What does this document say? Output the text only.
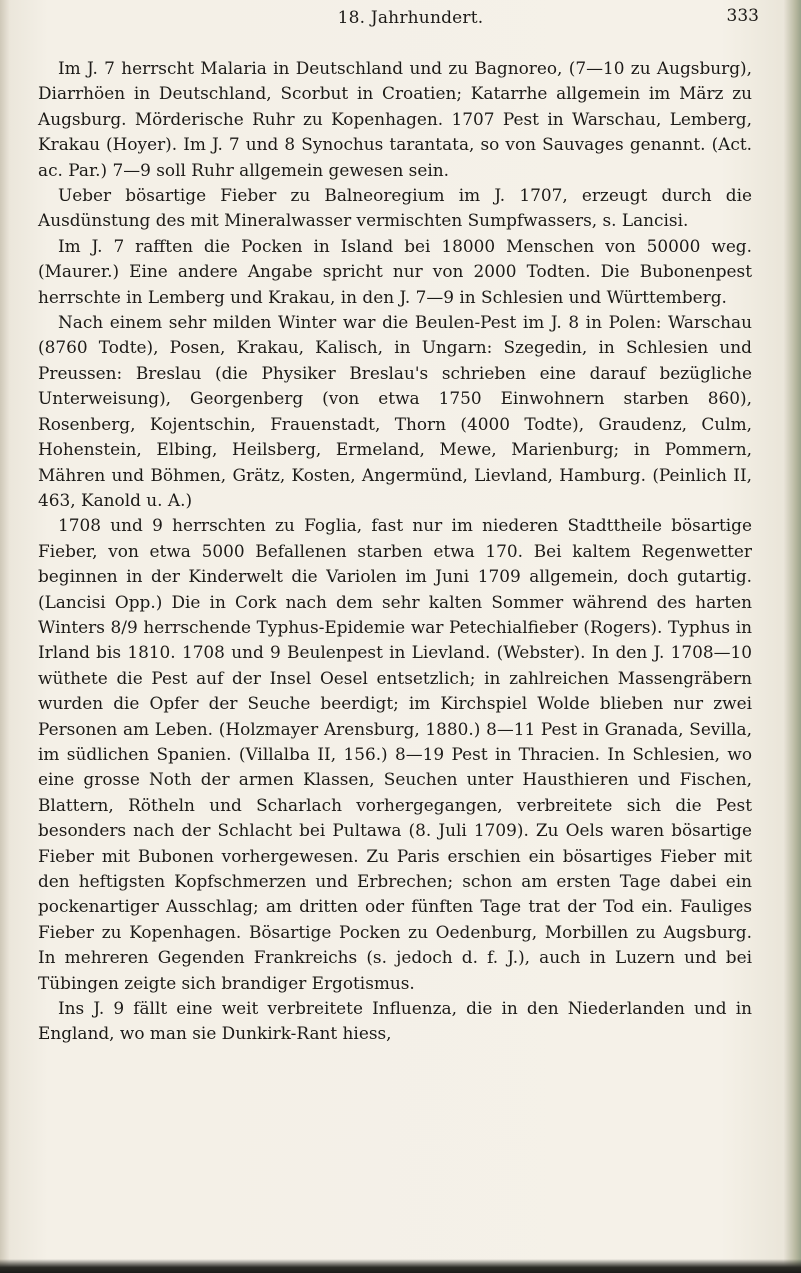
18. Jahrhundert.	333

Im J. 7 herrscht Malaria in Deutschland und zu Bagnoreo, (7—10 zu Augsburg), Diarrhöen in Deutschland, Scorbut in Croatien; Katarrhe allgemein im März zu Augsburg. Mörderische Ruhr zu Kopenhagen. 1707 Pest in Warschau, Lemberg, Krakau (Hoyer). Im J. 7 und 8 Synochus tarantata, so von Sauvages genannt. (Act. ac. Par.) 7—9 soll Ruhr allgemein gewesen sein.

Ueber bösartige Fieber zu Balneoregium im J. 1707, erzeugt durch die Ausdünstung des mit Mineralwasser vermischten Sumpfwassers, s. Lancisi.

Im J. 7 rafften die Pocken in Island bei 18000 Menschen von 50000 weg. (Maurer.) Eine andere Angabe spricht nur von 2000 Todten. Die Bubonenpest herrschte in Lemberg und Krakau, in den J. 7—9 in Schlesien und Württemberg.

Nach einem sehr milden Winter war die Beulen-Pest im J. 8 in Polen: Warschau (8760 Todte), Posen, Krakau, Kalisch, in Ungarn: Szegedin, in Schlesien und Preussen: Breslau (die Physiker Breslau's schrieben eine darauf bezügliche Unterweisung), Georgenberg (von etwa 1750 Einwohnern starben 860), Rosenberg, Kojentschin, Frauenstadt, Thorn (4000 Todte), Graudenz, Culm, Hohenstein, Elbing, Heilsberg, Ermeland, Mewe, Marienburg; in Pommern, Mähren und Böhmen, Grätz, Kosten, Angermünd, Lievland, Hamburg. (Peinlich II, 463, Kanold u. A.)

1708 und 9 herrschten zu Foglia, fast nur im niederen Stadttheile bösartige Fieber, von etwa 5000 Befallenen starben etwa 170. Bei kaltem Regenwetter beginnen in der Kinderwelt die Variolen im Juni 1709 allgemein, doch gutartig. (Lancisi Opp.) Die in Cork nach dem sehr kalten Sommer während des harten Winters 8/9 herrschende Typhus-Epidemie war Petechialfieber (Rogers). Typhus in Irland bis 1810. 1708 und 9 Beulenpest in Lievland. (Webster). In den J. 1708—10 wüthete die Pest auf der Insel Oesel entsetzlich; in zahlreichen Massengräbern wurden die Opfer der Seuche beerdigt; im Kirchspiel Wolde blieben nur zwei Personen am Leben. (Holzmayer Arensburg, 1880.) 8—11 Pest in Granada, Sevilla, im südlichen Spanien. (Villalba II, 156.) 8—19 Pest in Thracien. In Schlesien, wo eine grosse Noth der armen Klassen, Seuchen unter Hausthieren und Fischen, Blattern, Rötheln und Scharlach vorhergegangen, verbreitete sich die Pest besonders nach der Schlacht bei Pultawa (8. Juli 1709). Zu Oels waren bösartige Fieber mit Bubonen vorhergewesen. Zu Paris erschien ein bösartiges Fieber mit den heftigsten Kopfschmerzen und Erbrechen; schon am ersten Tage dabei ein pockenartiger Ausschlag; am dritten oder fünften Tage trat der Tod ein. Fauliges Fieber zu Kopenhagen. Bösartige Pocken zu Oedenburg, Morbillen zu Augsburg. In mehreren Gegenden Frankreichs (s. jedoch d. f. J.), auch in Luzern und bei Tübingen zeigte sich brandiger Ergotismus.

Ins J. 9 fällt eine weit verbreitete Influenza, die in den Niederlanden und in England, wo man sie Dunkirk-Rant hiess,
